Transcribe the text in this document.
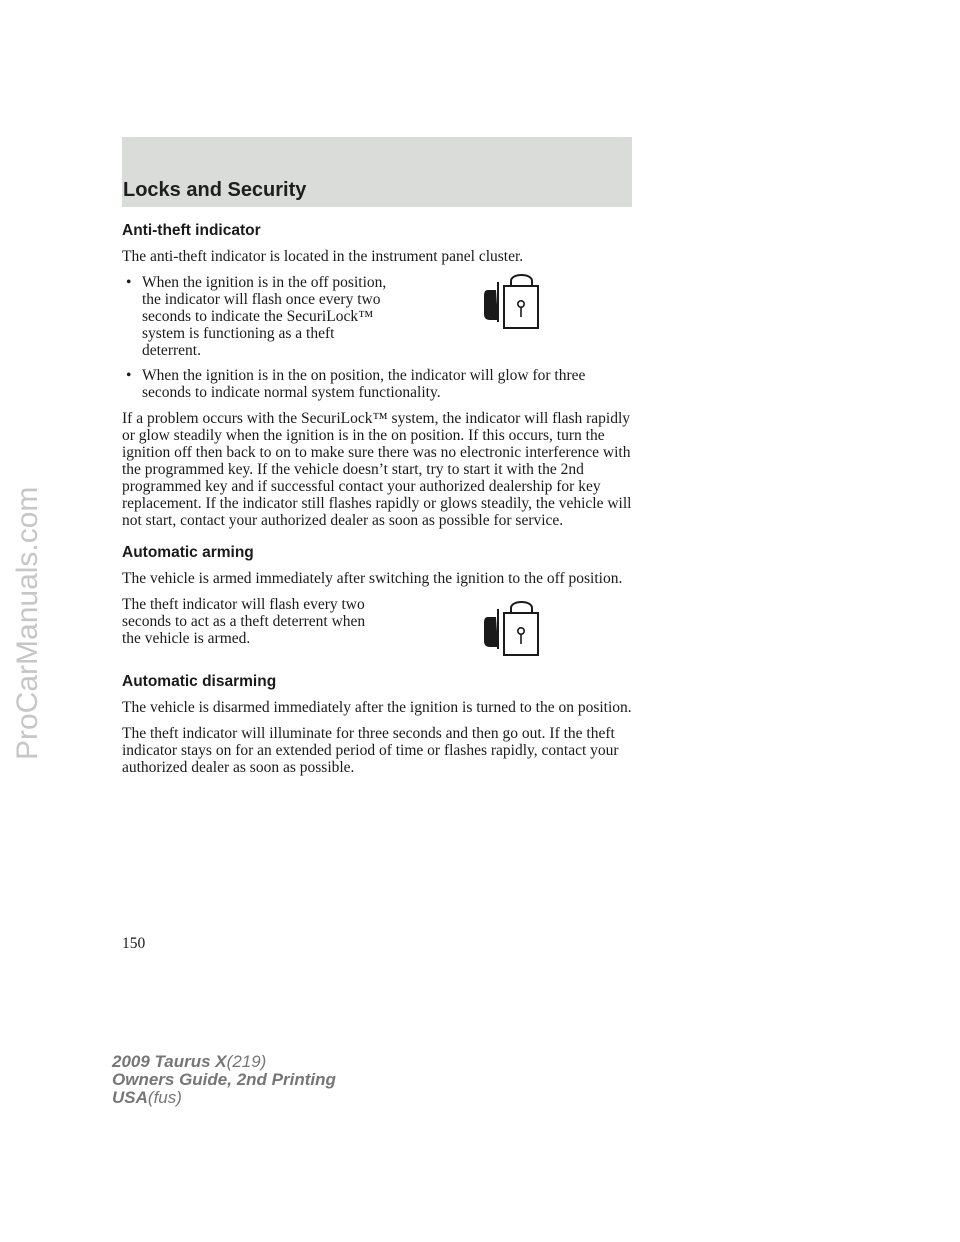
Locks and Security
ProCarManuals.com
Anti-theft indicator

The anti-theft indicator is located in the instrument panel cluster.

• When the ignition is in the off position, the indicator will flash once every two seconds to indicate the SecuriLock™ system is functioning as a theft deterrent.
• When the ignition is in the on position, the indicator will glow for three seconds to indicate normal system functionality.

If a problem occurs with the SecuriLock™ system, the indicator will flash rapidly or glow steadily when the ignition is in the on position. If this occurs, turn the ignition off then back to on to make sure there was no electronic interference with the programmed key. If the vehicle doesn’t start, try to start it with the 2nd programmed key and if successful contact your authorized dealership for key replacement. If the indicator still flashes rapidly or glows steadily, the vehicle will not start, contact your authorized dealer as soon as possible for service.

Automatic arming

The vehicle is armed immediately after switching the ignition to the off position.

The theft indicator will flash every two seconds to act as a theft deterrent when the vehicle is armed.
Automatic disarming

The vehicle is disarmed immediately after the ignition is turned to the on position.

The theft indicator will illuminate for three seconds and then go out. If the theft indicator stays on for an extended period of time or flashes rapidly, contact your authorized dealer as soon as possible.

150
2009 Taurus X(219)
Owners Guide, 2nd Printing
USA(fus)
